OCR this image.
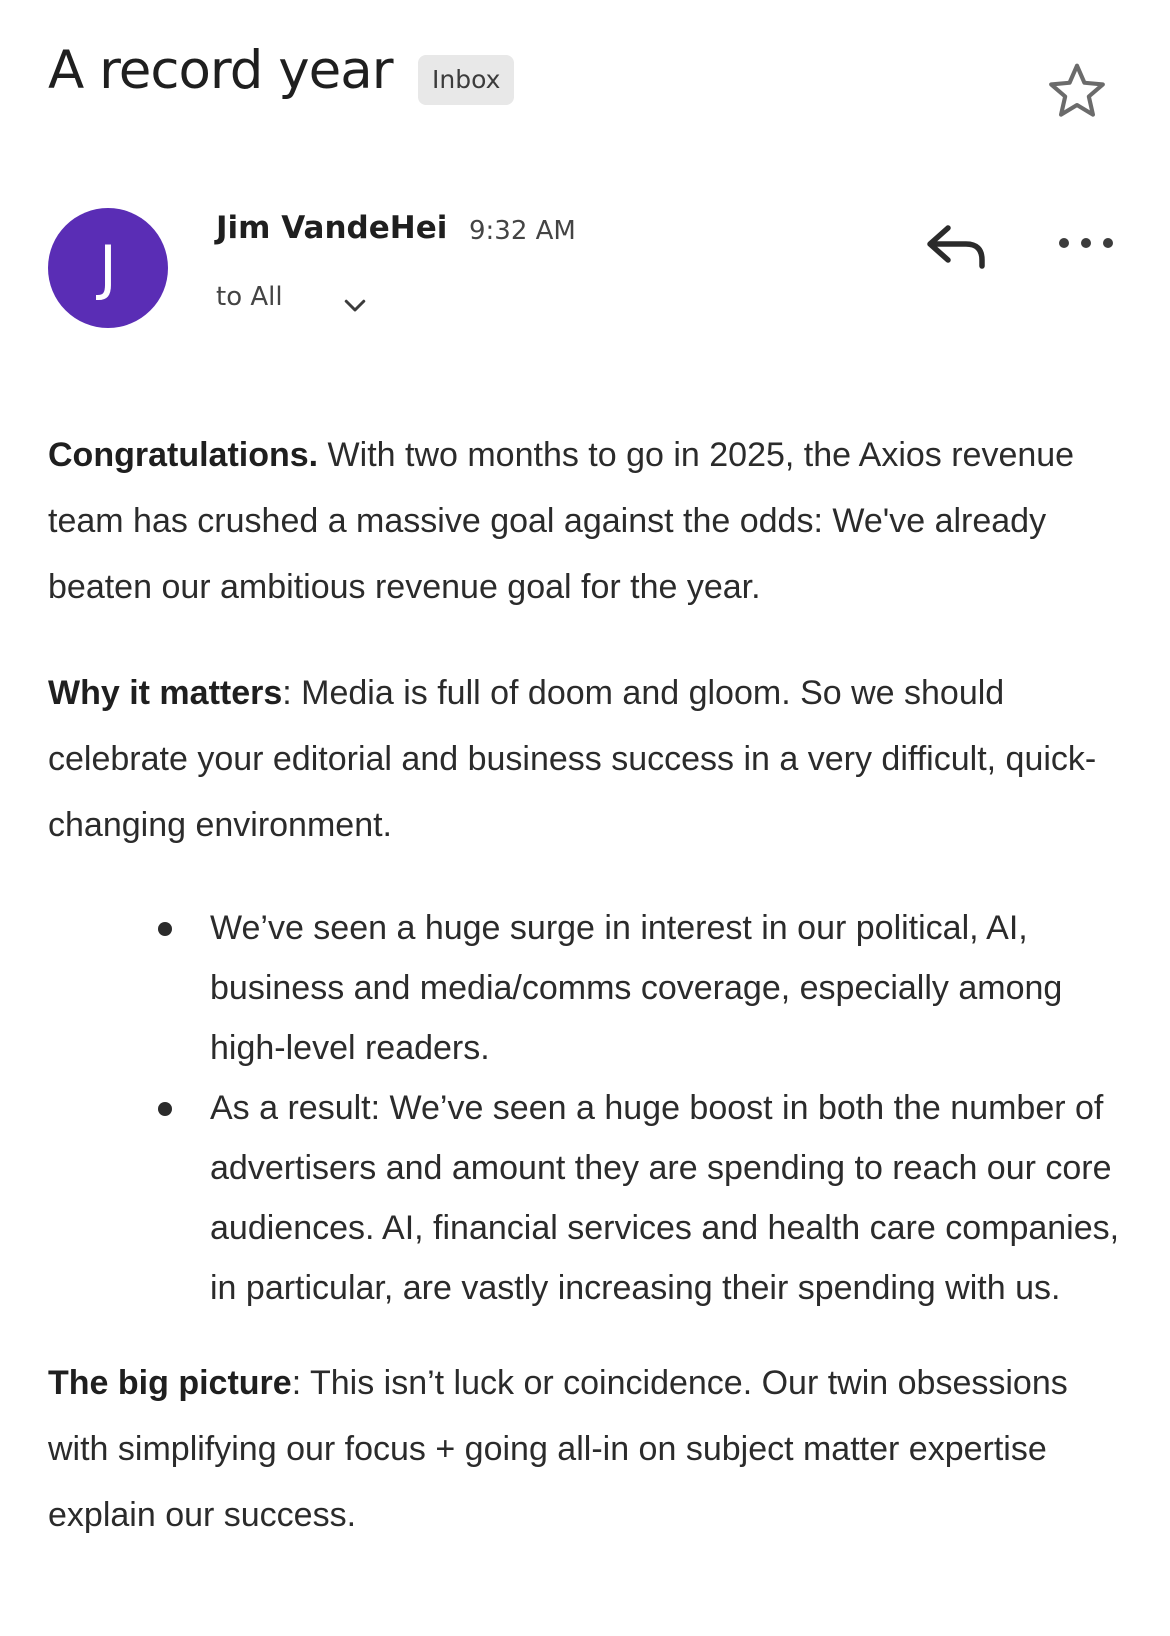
A record year	Inbox
J
Jim VandeHei 9:32 AM
to All

Congratulations. With two months to go in 2025, the Axios revenue team has crushed a massive goal against the odds: We've already beaten our ambitious revenue goal for the year.

Why it matters: Media is full of doom and gloom. So we should celebrate your editorial and business success in a very difficult, quick-changing environment.

We’ve seen a huge surge in interest in our political, AI, business and media/comms coverage, especially among high-level readers.
As a result: We’ve seen a huge boost in both the number of advertisers and amount they are spending to reach our core audiences. AI, financial services and health care companies, in particular, are vastly increasing their spending with us.

The big picture: This isn’t luck or coincidence. Our twin obsessions with simplifying our focus + going all-in on subject matter expertise explain our success.
